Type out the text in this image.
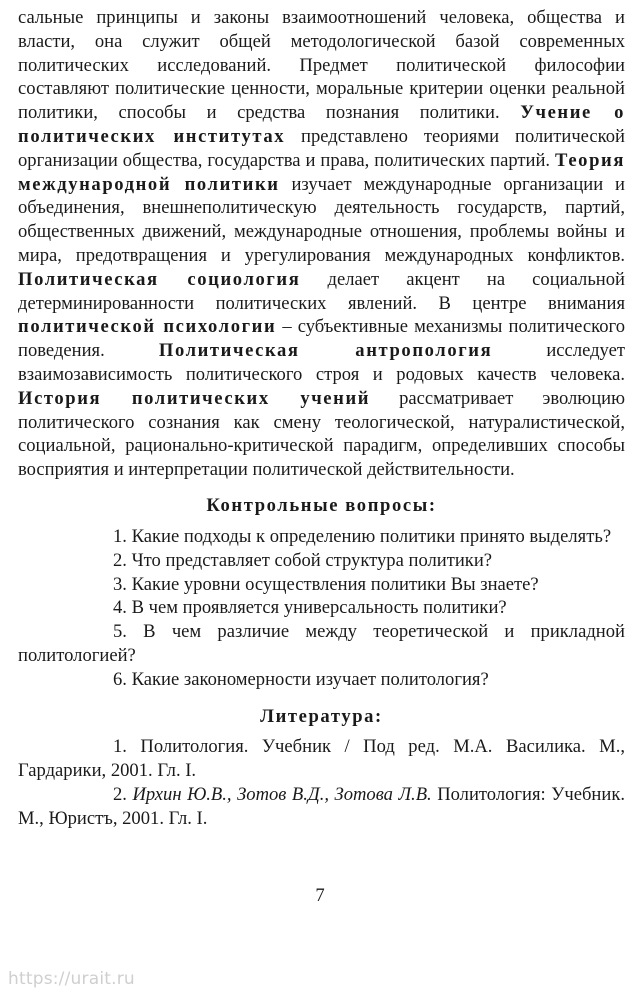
сальные принципы и законы взаимоотношений человека, общества и власти, она служит общей методологической базой современных политических исследований. Предмет политической философии составляют политические ценности, моральные критерии оценки реальной политики, способы и средства познания политики. Учение о политических институтах представлено теориями политической организации общества, государства и права, политических партий. Теория международной политики изучает международные организации и объединения, внешнеполитическую деятельность государств, партий, общественных движений, международные отношения, проблемы войны и мира, предотвращения и урегулирования международных конфликтов. Политическая социология делает акцент на социальной детерминированности политических явлений. В центре внимания политической психологии – субъективные механизмы политического поведения. Политическая антропология исследует взаимозависимость политического строя и родовых качеств человека. История политических учений рассматривает эволюцию политического сознания как смену теологической, натуралистической, социальной, рационально-критической парадигм, определивших способы восприятия и интерпретации политической действительности.

Контрольные вопросы:

1. Какие подходы к определению политики принято выделять?

2. Что представляет собой структура политики?

3. Какие уровни осуществления политики Вы знаете?

4. В чем проявляется универсальность политики?

5. В чем различие между теоретической и прикладной политологией?

6. Какие закономерности изучает политология?

Литература:

1. Политология. Учебник / Под ред. М.А. Василика. М., Гардарики, 2001. Гл. I.

2. Ирхин Ю.В., Зотов В.Д., Зотова Л.В. Политология: Учебник. М., Юристъ, 2001. Гл. I.

7
https://urait.ru
